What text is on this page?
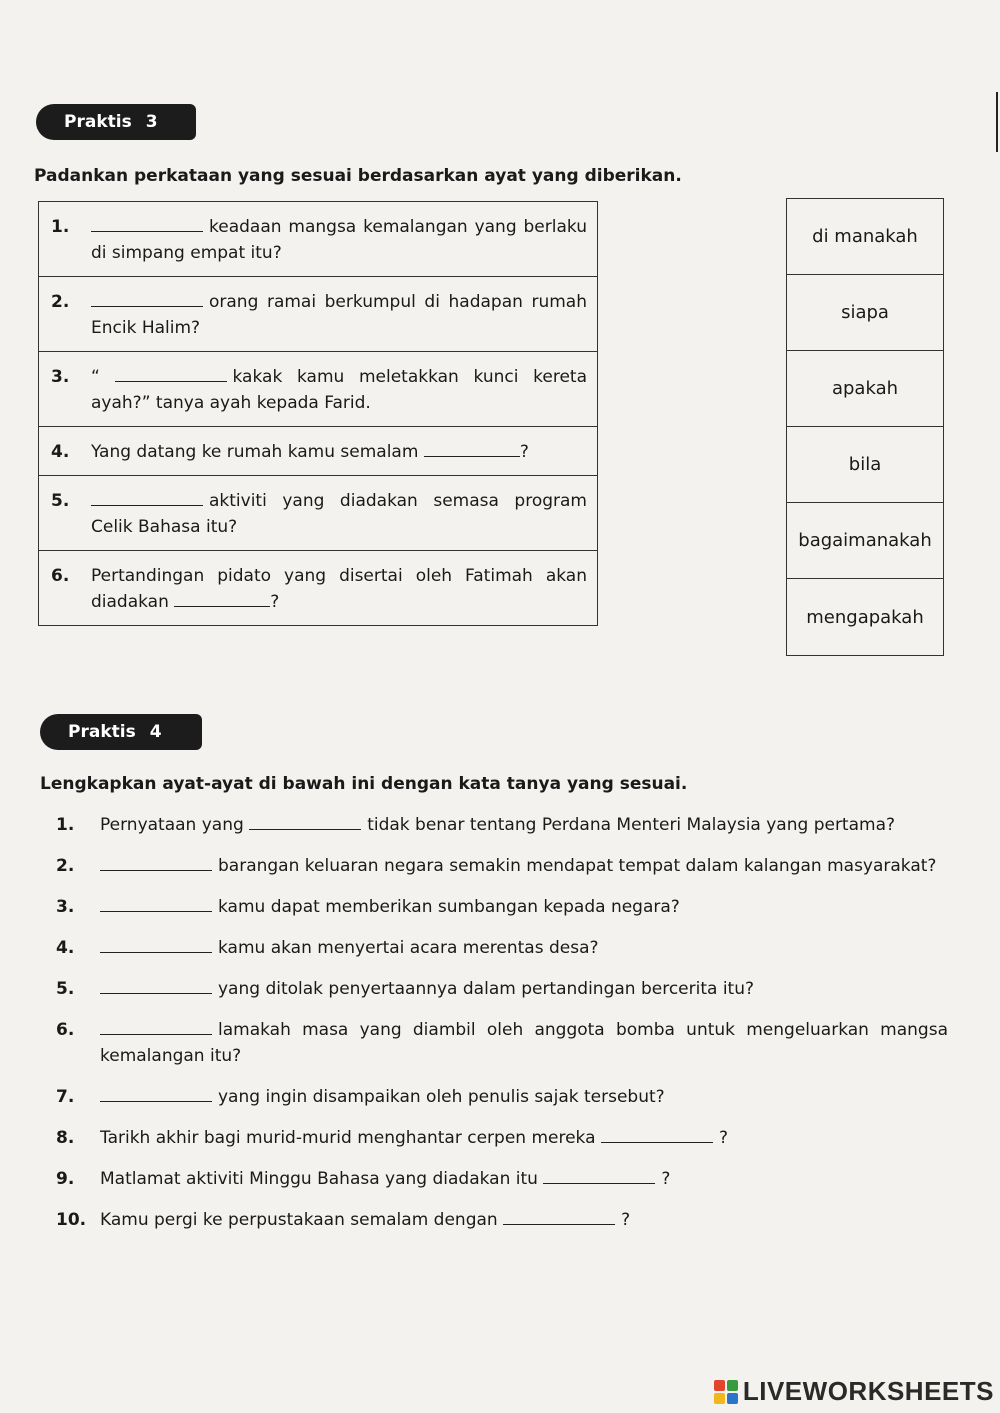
Praktis 3
Padankan perkataan yang sesuai berdasarkan ayat yang diberikan.
1.	keadaan mangsa kemalangan yang berlaku di simpang empat itu?
2.	orang ramai berkumpul di hadapan rumah Encik Halim?
3.	“	kakak kamu meletakkan kunci kereta ayah?” tanya ayah kepada Farid.
4.	Yang datang ke rumah kamu semalam	?
5.	aktiviti yang diadakan semasa program Celik Bahasa itu?
6.	Pertandingan pidato yang disertai oleh Fatimah akan diadakan	?
di manakah
siapa
apakah
bila
bagaimanakah
mengapakah
Praktis 4
Lengkapkan ayat-ayat di bawah ini dengan kata tanya yang sesuai.
1.	Pernyataan yang	tidak benar tentang Perdana Menteri Malaysia yang pertama?
2.	barangan keluaran negara semakin mendapat tempat dalam kalangan masyarakat?
3.	kamu dapat memberikan sumbangan kepada negara?
4.	kamu akan menyertai acara merentas desa?
5.	yang ditolak penyertaannya dalam pertandingan bercerita itu?
6.	lamakah masa yang diambil oleh anggota bomba untuk mengeluarkan mangsa kemalangan itu?
7.	yang ingin disampaikan oleh penulis sajak tersebut?
8.	Tarikh akhir bagi murid-murid menghantar cerpen mereka	?
9.	Matlamat aktiviti Minggu Bahasa yang diadakan itu	?
10. Kamu pergi ke perpustakaan semalam dengan	?
LIVEWORKSHEETS
